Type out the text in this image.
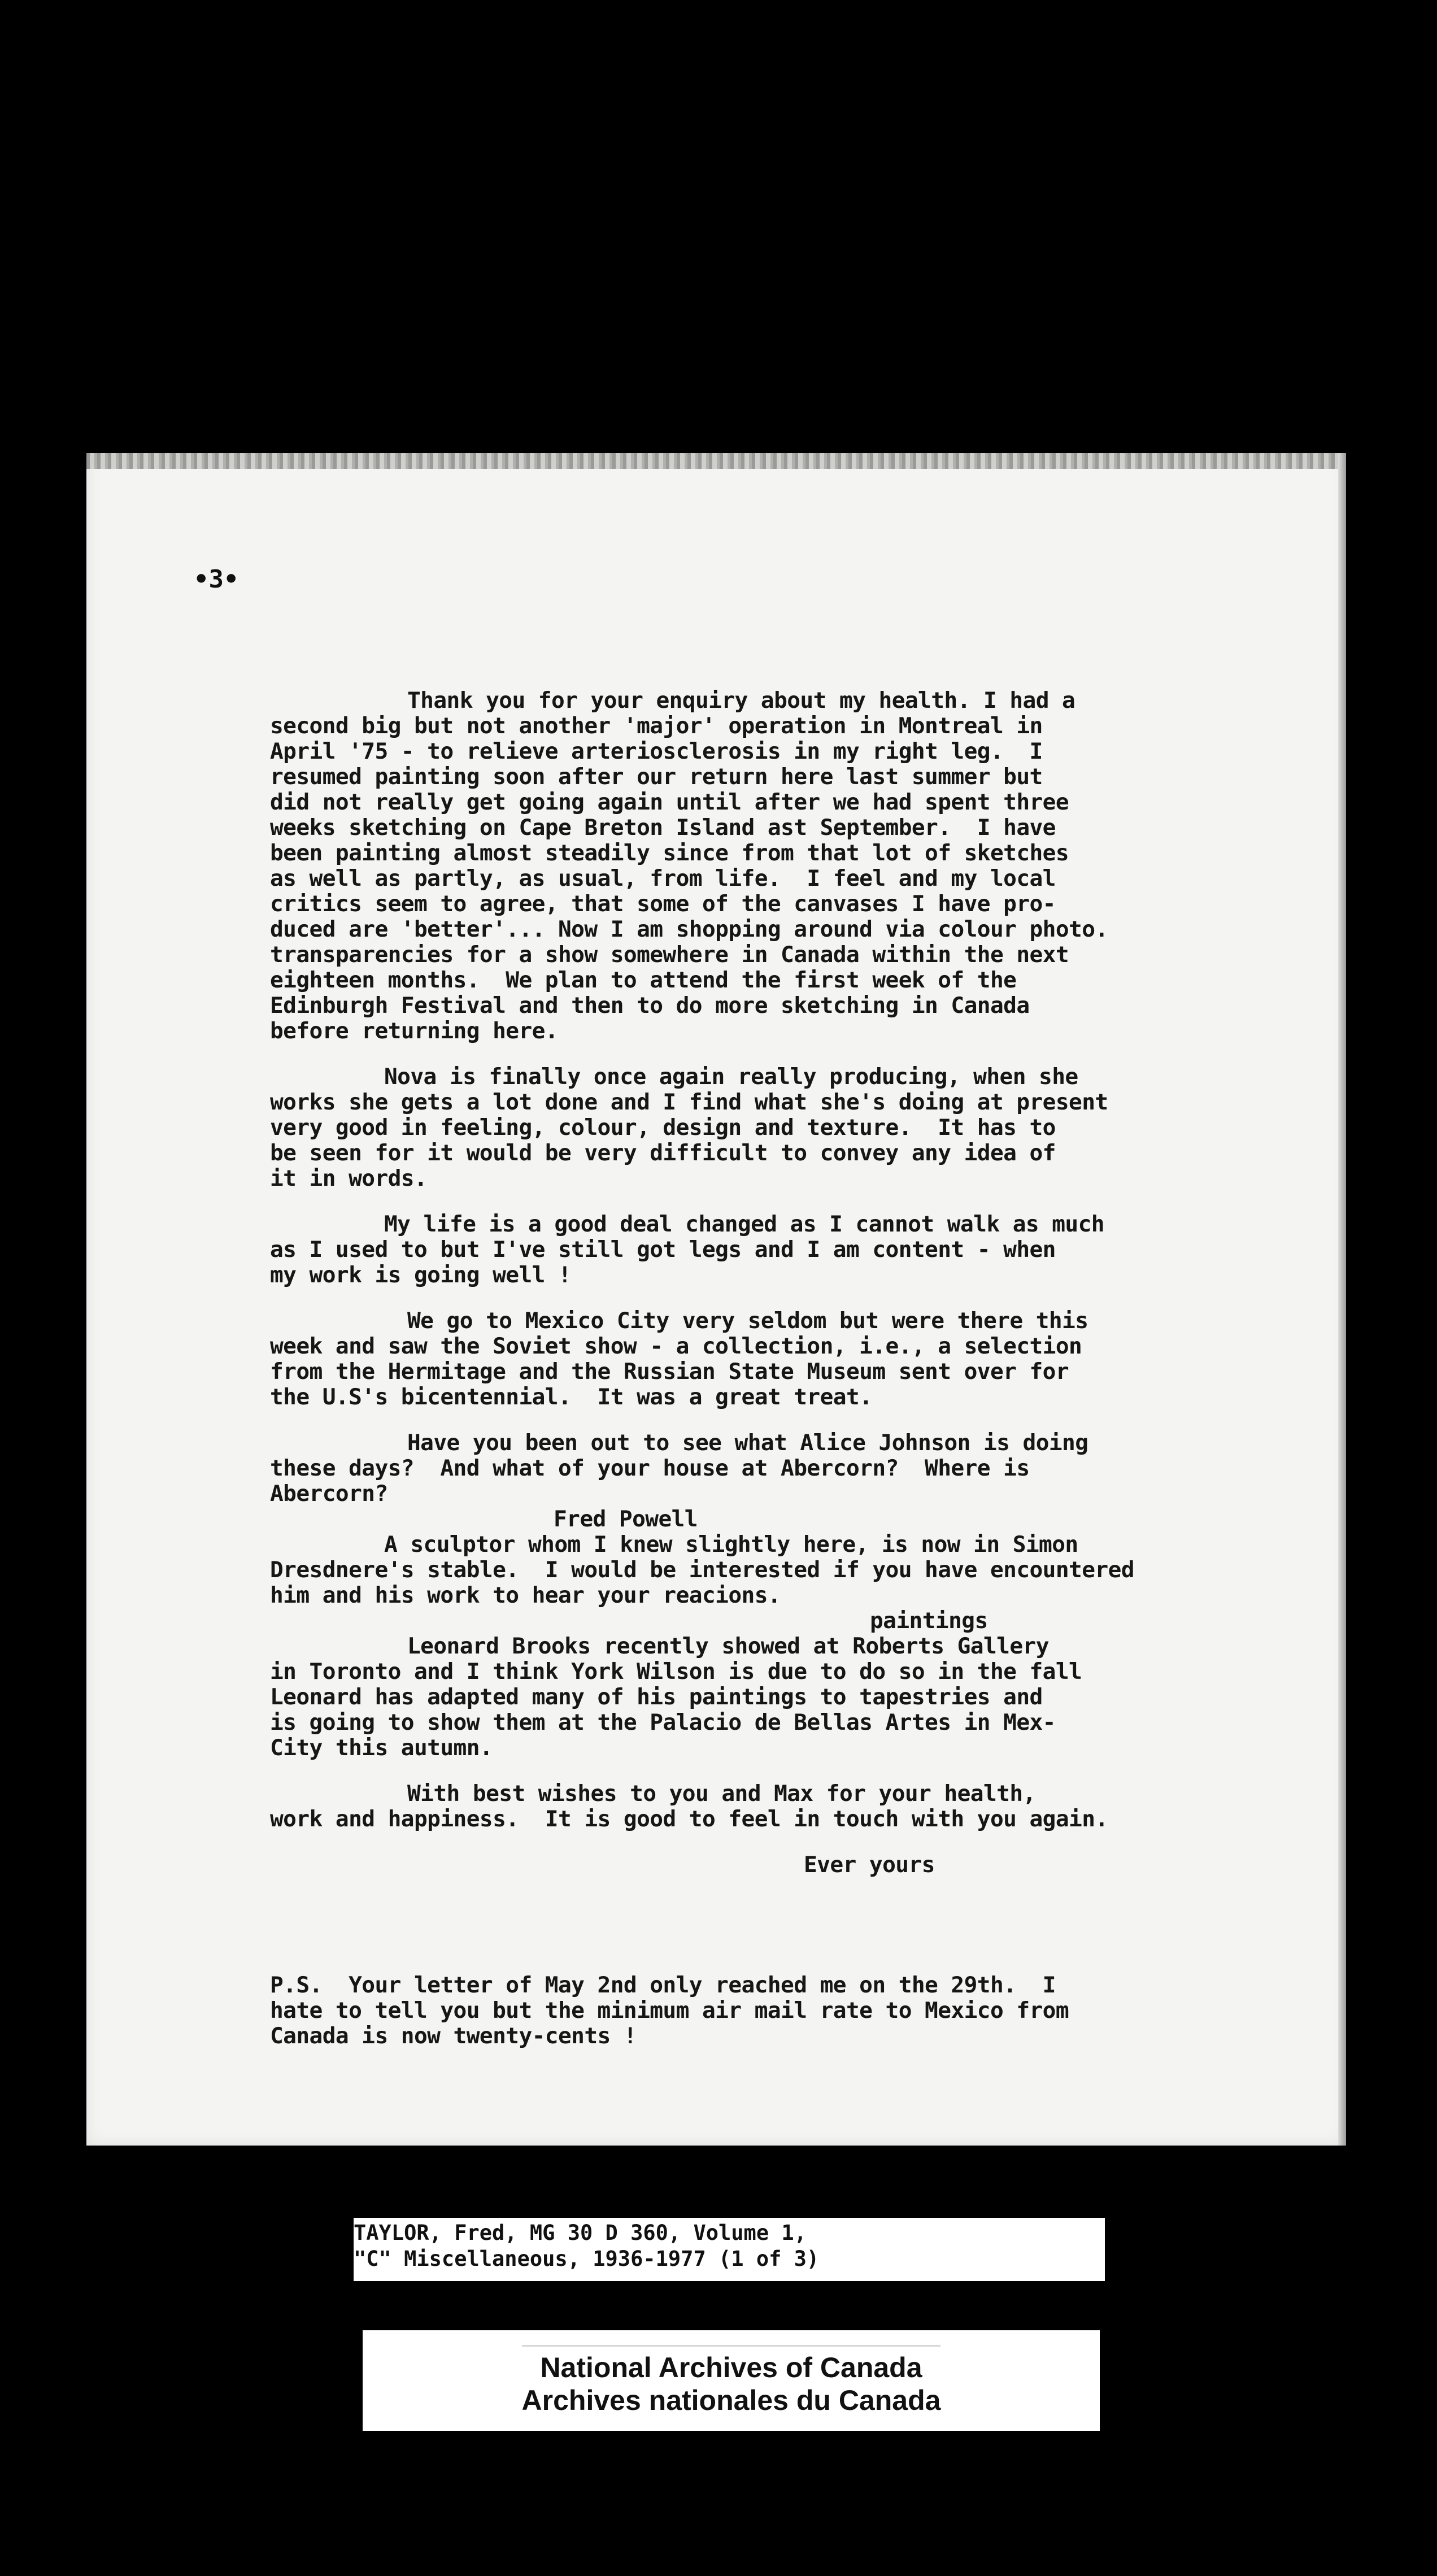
•3•
Thank you for your enquiry about my health. I had a
second big but not another 'major' operation in Montreal in
April '75 - to relieve arteriosclerosis in my right leg.  I
resumed painting soon after our return here last summer but
did not really get going again until after we had spent three
weeks sketching on Cape Breton Island ast September.  I have
been painting almost steadily since from that lot of sketches
as well as partly, as usual, from life.  I feel and my local
critics seem to agree, that some of the canvases I have pro-
duced are 'better'... Now I am shopping around via colour photo.
transparencies for a show somewhere in Canada within the next
eighteen months.  We plan to attend the first week of the
Edinburgh Festival and then to do more sketching in Canada
before returning here.
Nova is finally once again really producing, when she
works she gets a lot done and I find what she's doing at present
very good in feeling, colour, design and texture.  It has to
be seen for it would be very difficult to convey any idea of
it in words.
My life is a good deal changed as I cannot walk as much
as I used to but I've still got legs and I am content - when
my work is going well !
We go to Mexico City very seldom but were there this
week and saw the Soviet show - a collection, i.e., a selection
from the Hermitage and the Russian State Museum sent over for
the U.S's bicentennial.  It was a great treat.
Have you been out to see what Alice Johnson is doing
these days?  And what of your house at Abercorn?  Where is
Abercorn?
Fred Powell
A sculptor whom I knew slightly here, is now in Simon
Dresdnere's stable.  I would be interested if you have encountered
him and his work to hear your reacions.
paintings
Leonard Brooks recently showed at Roberts Gallery
in Toronto and I think York Wilson is due to do so in the fall
Leonard has adapted many of his paintings to tapestries and
is going to show them at the Palacio de Bellas Artes in Mex-
City this autumn.
With best wishes to you and Max for your health,
work and happiness.  It is good to feel in touch with you again.
Ever yours
P.S.  Your letter of May 2nd only reached me on the 29th.  I
hate to tell you but the minimum air mail rate to Mexico from
Canada is now twenty-cents !
TAYLOR, Fred, MG 30 D 360, Volume 1,
"C" Miscellaneous, 1936-1977 (1 of 3)
National Archives of Canada
Archives nationales du Canada
